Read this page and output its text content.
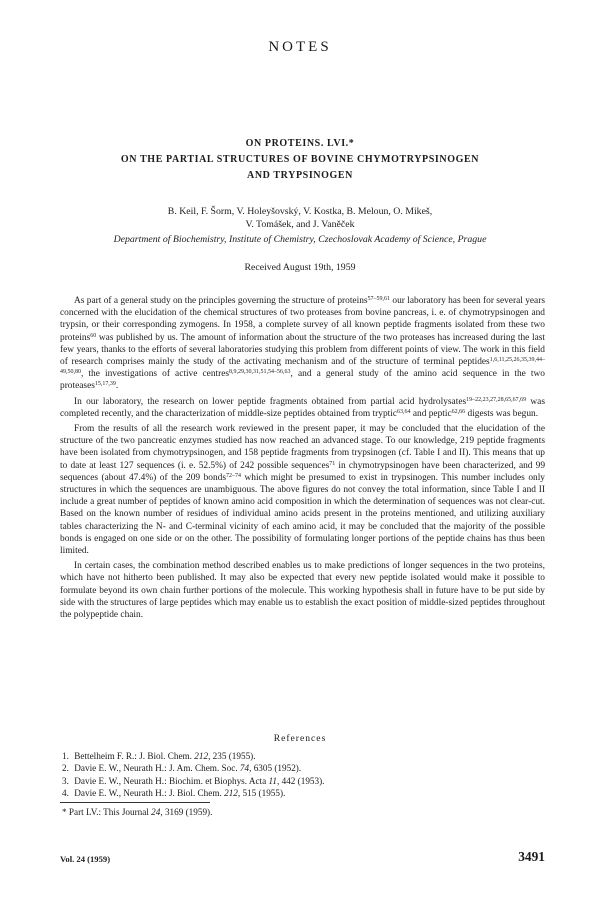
NOTES
ON PROTEINS. LVI.*
ON THE PARTIAL STRUCTURES OF BOVINE CHYMOTRYPSINOGEN
AND TRYPSINOGEN
B. Keil, F. Šorm, V. Holeyšovský, V. Kostka, B. Meloun, O. Mikeš,
V. Tomášek, and J. Vaněček
Department of Biochemistry, Institute of Chemistry, Czechoslovak Academy of Science, Prague
Received August 19th, 1959

As part of a general study on the principles governing the structure of proteins$^{57-59,61}$ our laboratory has been for several years concerned with the elucidation of the chemical structures of two proteases from bovine pancreas, i. e. of chymotrypsinogen and trypsin, or their corresponding zymogens. In 1958, a complete survey of all known peptide fragments isolated from these two proteins$^{60}$ was published by us. The amount of information about the structure of the two proteases has increased during the last few years, thanks to the efforts of several laboratories studying this problem from different points of view. The work in this field of research comprises mainly the study of the activating mechanism and of the structure of terminal peptides$^{1,6,11,25,26,35,39,44-49,50,80}$, the investigations of active centres$^{8,9,29,30,31,51,54-56,63}$, and a general study of the amino acid sequence in the two proteases$^{15,17,39}$.

In our laboratory, the research on lower peptide fragments obtained from partial acid hydrolysates$^{19-22,23,27,28,65,67,69}$ was completed recently, and the characterization of middle-size peptides obtained from tryptic$^{63,64}$ and peptic$^{62,66}$ digests was begun.

From the results of all the research work reviewed in the present paper, it may be concluded that the elucidation of the structure of the two pancreatic enzymes studied has now reached an advanced stage. To our knowledge, 219 peptide fragments have been isolated from chymotrypsinogen, and 158 peptide fragments from trypsinogen (cf. Table I and II). This means that up to date at least 127 sequences (i. e. 52.5%) of 242 possible sequences$^{71}$ in chymotrypsinogen have been characterized, and 99 sequences (about 47.4%) of the 209 bonds$^{72-74}$ which might be presumed to exist in trypsinogen. This number includes only structures in which the sequences are unambiguous. The above figures do not convey the total information, since Table I and II include a great number of peptides of known amino acid composition in which the determination of sequences was not clear-cut. Based on the known number of residues of individual amino acids present in the proteins mentioned, and utilizing auxiliary tables characterizing the N- and C-terminal vicinity of each amino acid, it may be concluded that the majority of the possible bonds is engaged on one side or on the other. The possibility of formulating longer portions of the peptide chains has thus been limited.

In certain cases, the combination method described enables us to make predictions of longer sequences in the two proteins, which have not hitherto been published. It may also be expected that every new peptide isolated would make it possible to formulate beyond its own chain further portions of the molecule. This working hypothesis shall in future have to be put side by side with the structures of large peptides which may enable us to establish the exact position of middle-sized peptides throughout the polypeptide chain.

References
1. Bettelheim F. R.: J. Biol. Chem. 212, 235 (1955).
2. Davie E. W., Neurath H.: J. Am. Chem. Soc. 74, 6305 (1952).
3. Davie E. W., Neurath H.: Biochim. et Biophys. Acta 11, 442 (1953).
4. Davie E. W., Neurath H.: J. Biol. Chem. 212, 515 (1955).
* Part LV.: This Journal 24, 3169 (1959).
Vol. 24 (1959)	3491
